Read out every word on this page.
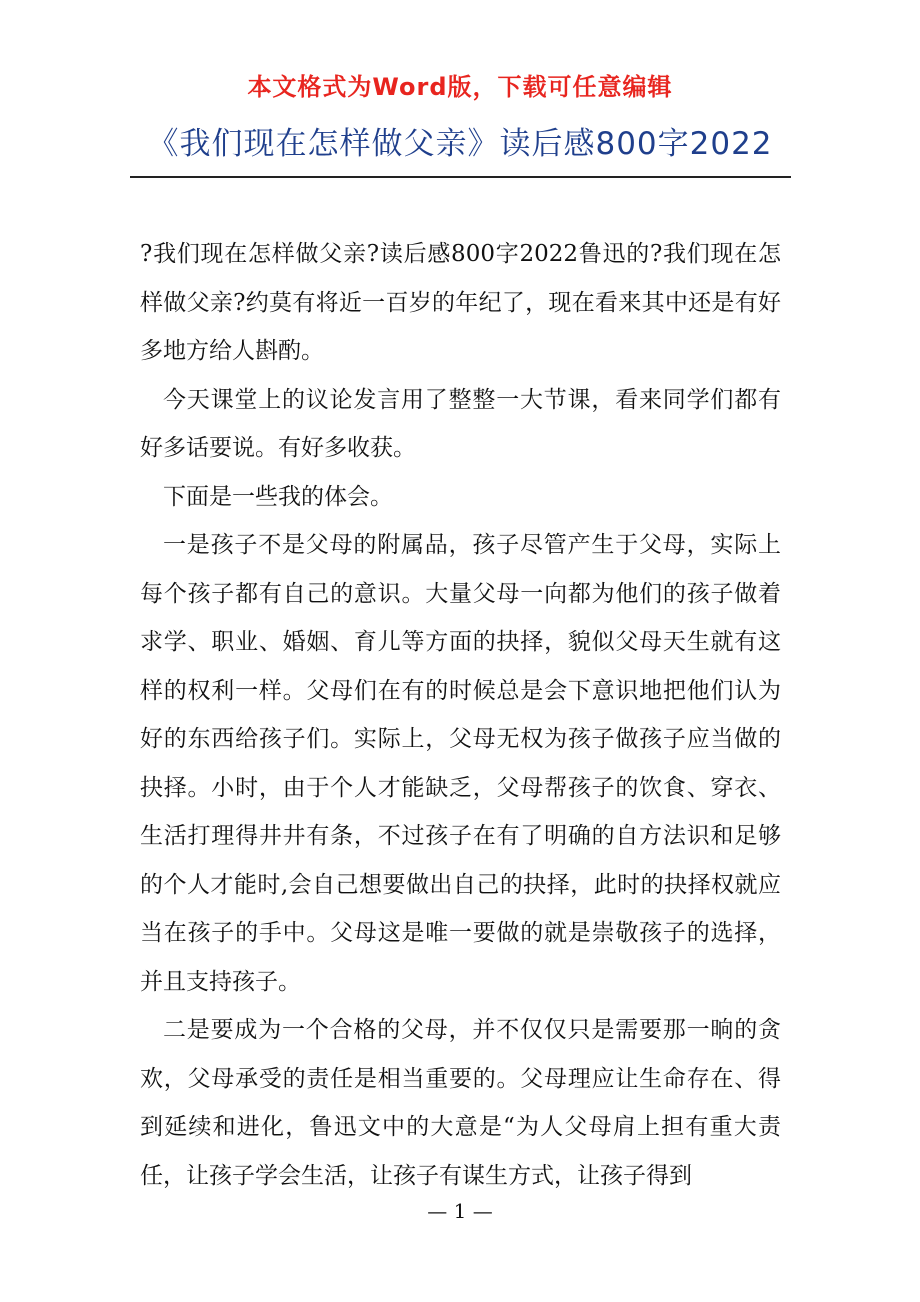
本文格式为Word版，下载可任意编辑
《我们现在怎样做父亲》读后感800字2022

?我们现在怎样做父亲?读后感800字2022鲁迅的?我们现在怎样做父亲?约莫有将近一百岁的年纪了，现在看来其中还是有好多地方给人斟酌。

今天课堂上的议论发言用了整整一大节课，看来同学们都有好多话要说。有好多收获。

下面是一些我的体会。

一是孩子不是父母的附属品，孩子尽管产生于父母，实际上每个孩子都有自己的意识。大量父母一向都为他们的孩子做着求学、职业、婚姻、育儿等方面的抉择，貌似父母天生就有这样的权利一样。父母们在有的时候总是会下意识地把他们认为好的东西给孩子们。实际上，父母无权为孩子做孩子应当做的抉择。小时，由于个人才能缺乏，父母帮孩子的饮食、穿衣、生活打理得井井有条，不过孩子在有了明确的自方法识和足够的个人才能时,会自己想要做出自己的抉择，此时的抉择权就应当在孩子的手中。父母这是唯一要做的就是崇敬孩子的选择，并且支持孩子。

二是要成为一个合格的父母，并不仅仅只是需要那一晌的贪欢，父母承受的责任是相当重要的。父母理应让生命存在、得到延续和进化，鲁迅文中的大意是“为人父母肩上担有重大责任，让孩子学会生活，让孩子有谋生方式，让孩子得到

— 1 —
